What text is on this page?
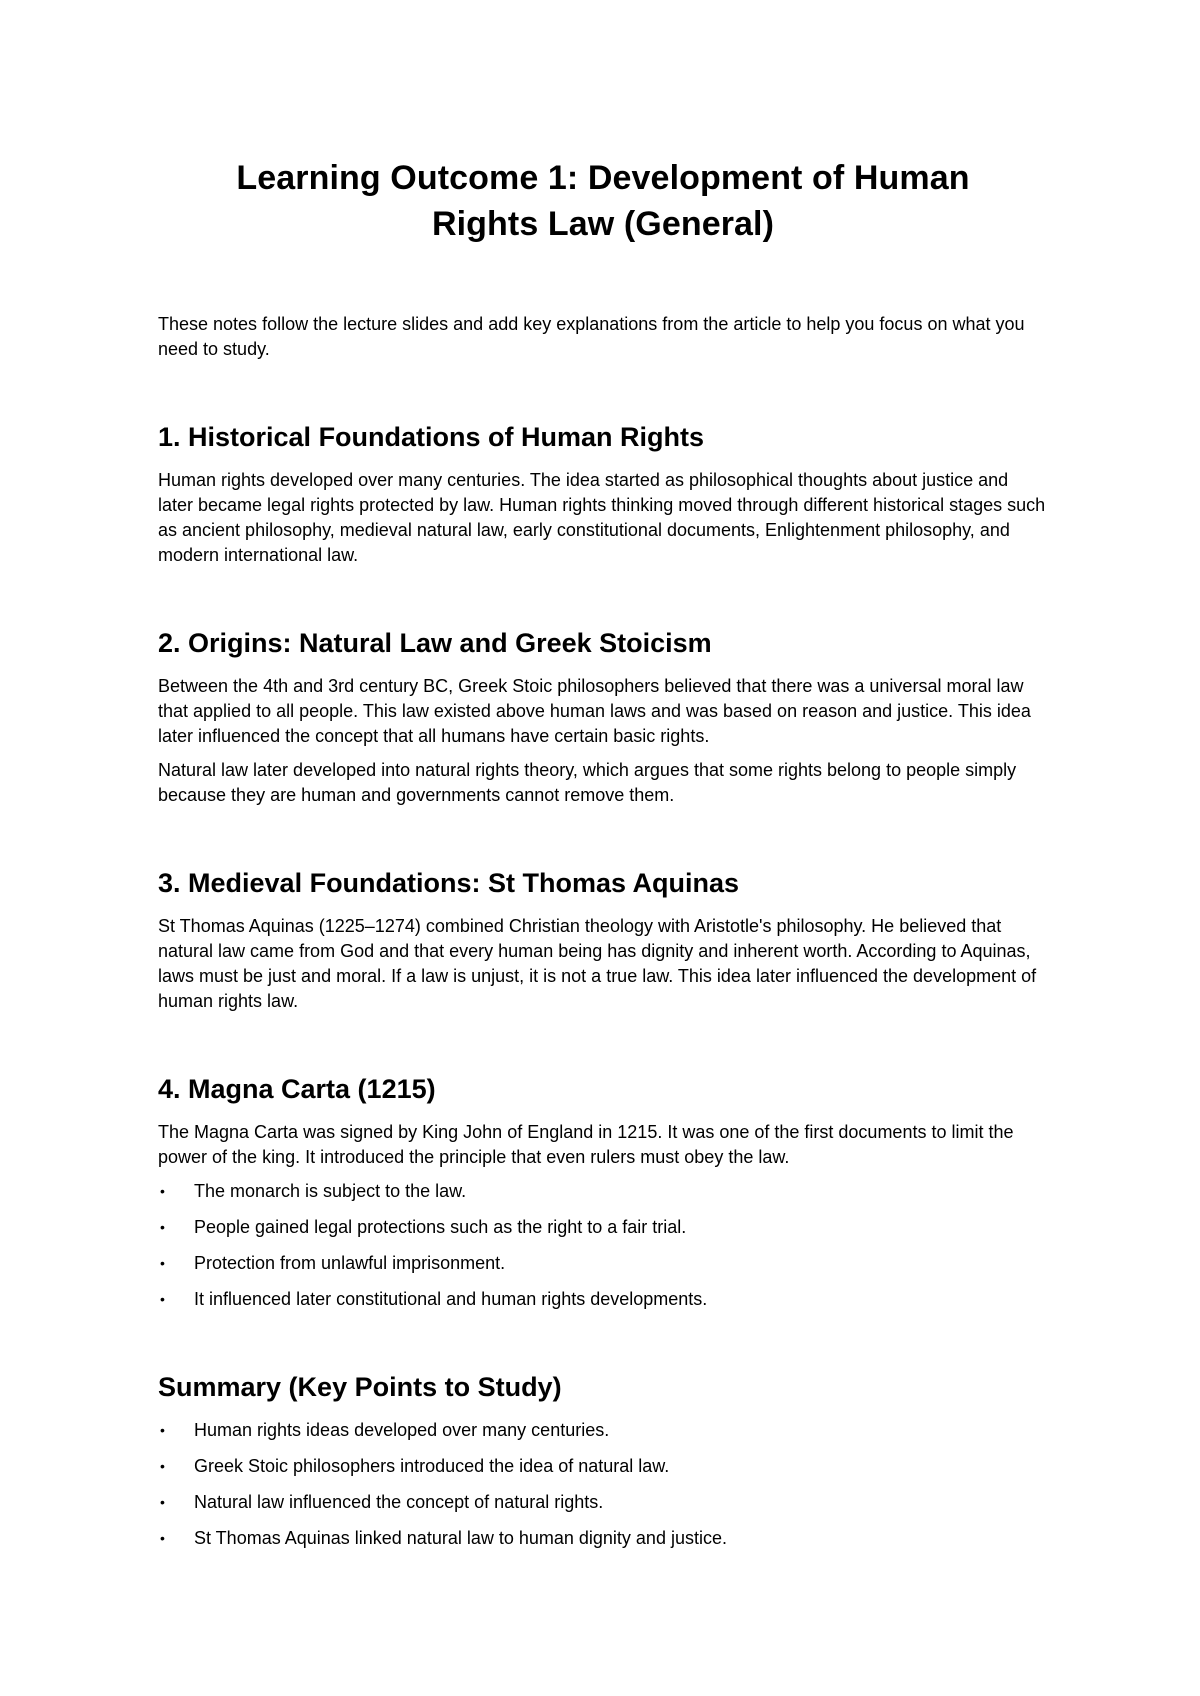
Learning Outcome 1: Development of Human
Rights Law (General)

These notes follow the lecture slides and add key explanations from the article to help you focus on what you need to study.

1. Historical Foundations of Human Rights

Human rights developed over many centuries. The idea started as philosophical thoughts about justice and later became legal rights protected by law. Human rights thinking moved through different historical stages such as ancient philosophy, medieval natural law, early constitutional documents, Enlightenment philosophy, and modern international law.

2. Origins: Natural Law and Greek Stoicism

Between the 4th and 3rd century BC, Greek Stoic philosophers believed that there was a universal moral law that applied to all people. This law existed above human laws and was based on reason and justice. This idea later influenced the concept that all humans have certain basic rights.

Natural law later developed into natural rights theory, which argues that some rights belong to people simply because they are human and governments cannot remove them.

3. Medieval Foundations: St Thomas Aquinas

St Thomas Aquinas (1225–1274) combined Christian theology with Aristotle's philosophy. He believed that natural law came from God and that every human being has dignity and inherent worth. According to Aquinas, laws must be just and moral. If a law is unjust, it is not a true law. This idea later influenced the development of human rights law.

4. Magna Carta (1215)

The Magna Carta was signed by King John of England in 1215. It was one of the first documents to limit the power of the king. It introduced the principle that even rulers must obey the law.

• The monarch is subject to the law.
• People gained legal protections such as the right to a fair trial.
• Protection from unlawful imprisonment.
• It influenced later constitutional and human rights developments.
Summary (Key Points to Study)
• Human rights ideas developed over many centuries.
• Greek Stoic philosophers introduced the idea of natural law.
• Natural law influenced the concept of natural rights.
• St Thomas Aquinas linked natural law to human dignity and justice.
